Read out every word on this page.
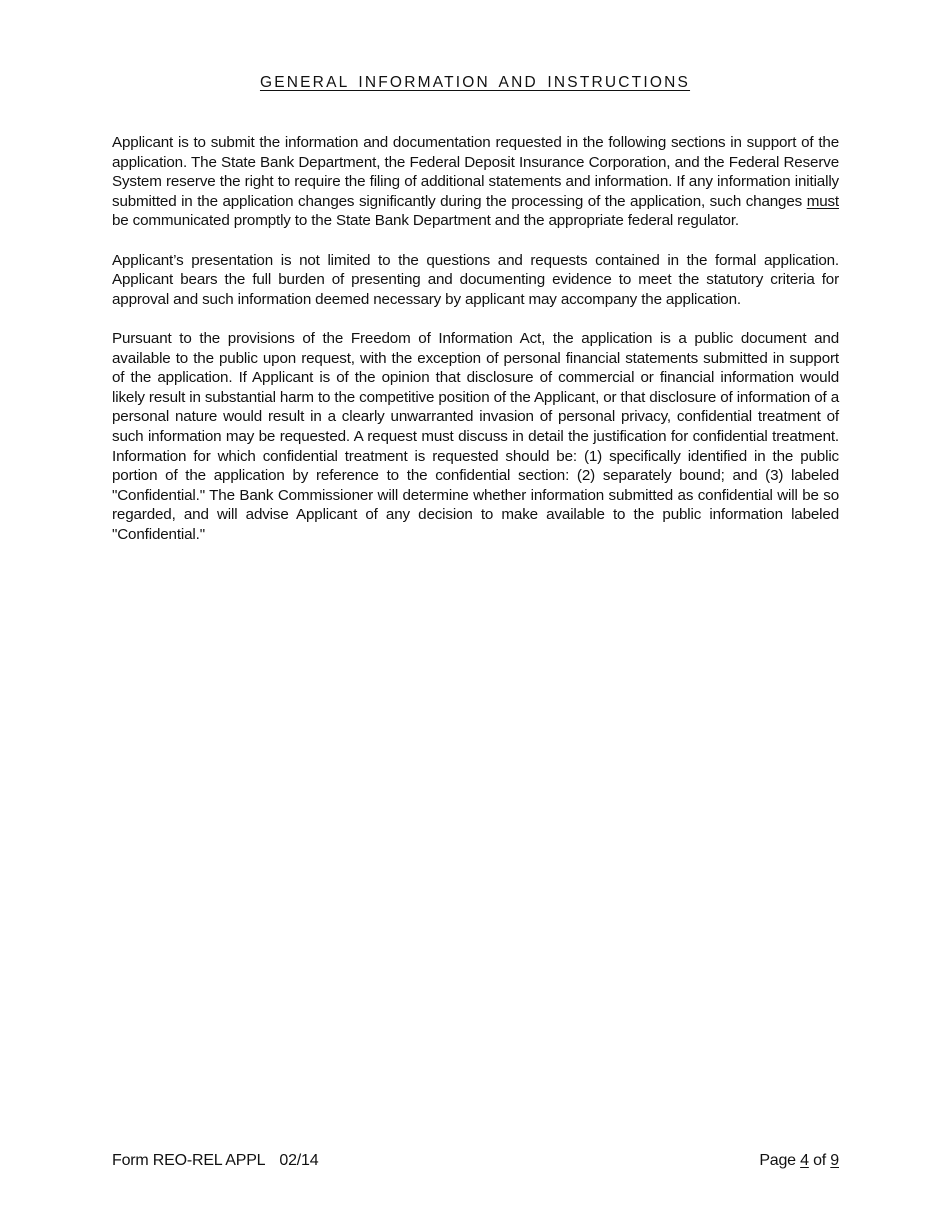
GENERAL INFORMATION AND INSTRUCTIONS

Applicant is to submit the information and documentation requested in the following sections in support of the application. The State Bank Department, the Federal Deposit Insurance Corporation, and the Federal Reserve System reserve the right to require the filing of additional statements and information. If any information initially submitted in the application changes significantly during the processing of the application, such changes must be communicated promptly to the State Bank Department and the appropriate federal regulator.

Applicant’s presentation is not limited to the questions and requests contained in the formal application. Applicant bears the full burden of presenting and documenting evidence to meet the statutory criteria for approval and such information deemed necessary by applicant may accompany the application.

Pursuant to the provisions of the Freedom of Information Act, the application is a public document and available to the public upon request, with the exception of personal financial statements submitted in support of the application. If Applicant is of the opinion that disclosure of commercial or financial information would likely result in substantial harm to the competitive position of the Applicant, or that disclosure of information of a personal nature would result in a clearly unwarranted invasion of personal privacy, confidential treatment of such information may be requested. A request must discuss in detail the justification for confidential treatment. Information for which confidential treatment is requested should be: (1) specifically identified in the public portion of the application by reference to the confidential section: (2) separately bound; and (3) labeled "Confidential." The Bank Commissioner will determine whether information submitted as confidential will be so regarded, and will advise Applicant of any decision to make available to the public information labeled "Confidential."

Form REO-REL APPL 02/14	Page 4 of 9
